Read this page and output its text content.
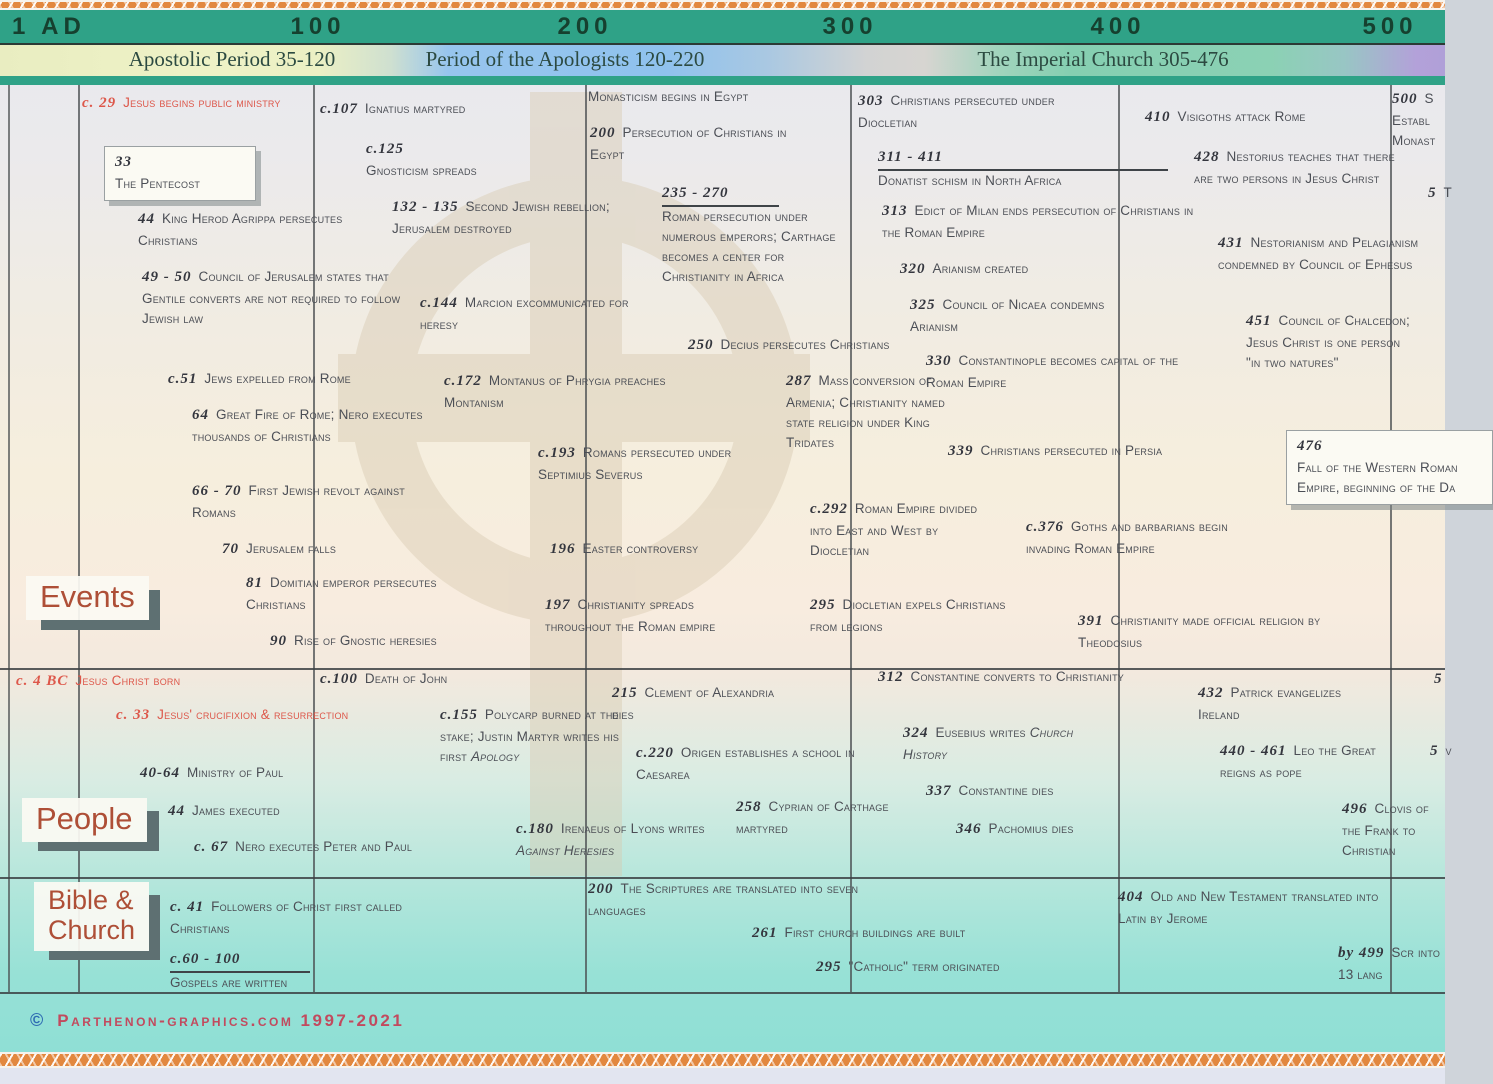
1 AD	100	200	300	400	500
Apostolic Period 35-120	Period of the Apologists 120-220	The Imperial Church 305-476
Events
c. 29 Jesus begins public ministry
33
The Pentecost
44 King Herod Agrippa persecutes Christians
49 - 50 Council of Jerusalem states that Gentile converts are not required to follow Jewish law
c.51 Jews expelled from Rome
64 Great Fire of Rome; Nero executes thousands of Christians
66 - 70 First Jewish revolt against Romans
70 Jerusalem falls
81 Domitian emperor persecutes Christians
90 Rise of Gnostic heresies
c.107 Ignatius martyred
c.125
Gnosticism spreads
132 - 135 Second Jewish rebellion; Jerusalem destroyed
c.144 Marcion excommunicated for heresy
c.172 Montanus of Phrygia preaches Montanism
c.193 Romans persecuted under Septimius Severus
196 Easter controversy
197 Christianity spreads throughout the Roman empire
Monasticism begins in Egypt
200 Persecution of Christians in Egypt
235 - 270
Roman persecution under numerous emperors; Carthage becomes a center for Christianity in Africa
250 Decius persecutes Christians
287 Mass conversion of Armenia; Christianity named state religion under King Tridates
c.292 Roman Empire divided into East and West by Diocletian
295 Diocletian expels Christians from legions
303 Christians persecuted under Diocletian
311 - 411
Donatist schism in North Africa
313 Edict of Milan ends persecution of Christians in the Roman Empire
320 Arianism created
325 Council of Nicaea condemns Arianism
330 Constantinople becomes capital of the Roman Empire
339 Christians persecuted in Persia
c.376 Goths and barbarians begin invading Roman Empire
391 Christianity made official religion by Theodosius
410 Visigoths attack Rome
428 Nestorius teaches that there are two persons in Jesus Christ
431 Nestorianism and Pelagianism condemned by Council of Ephesus
451 Council of Chalcedon; Jesus Christ is one person "in two natures"
476
Fall of the Western Roman Empire, beginning of the Da
500 S Establ Monast
5 T
People
c. 4 BC Jesus Christ born	c.100 Death of John
c. 33 Jesus' crucifixion & resurrection
40-64 Ministry of Paul
44 James executed
c. 67 Nero executes Peter and Paul
c.155 Polycarp burned at the stake; Justin Martyr writes his first Apology
c.180 Irenaeus of Lyons writes Against Heresies
215 Clement of Alexandria dies
c.220 Origen establishes a school in Caesarea
258 Cyprian of Carthage martyred
312 Constantine converts to Christianity
324 Eusebius writes Church History
337 Constantine dies
346 Pachomius dies
432 Patrick evangelizes Ireland
440 - 461 Leo the Great reigns as pope
496 Clovis of the Frank to Christian
5
5 v
Bible &
Church
c. 41 Followers of Christ first called Christians
c.60 - 100
Gospels are written
200 The Scriptures are translated into seven languages
261 First church buildings are built
295 "Catholic" term originated
404 Old and New Testament translated into Latin by Jerome
by 499 Scr into 13 lang
© Parthenon-graphics.com 1997-2021
